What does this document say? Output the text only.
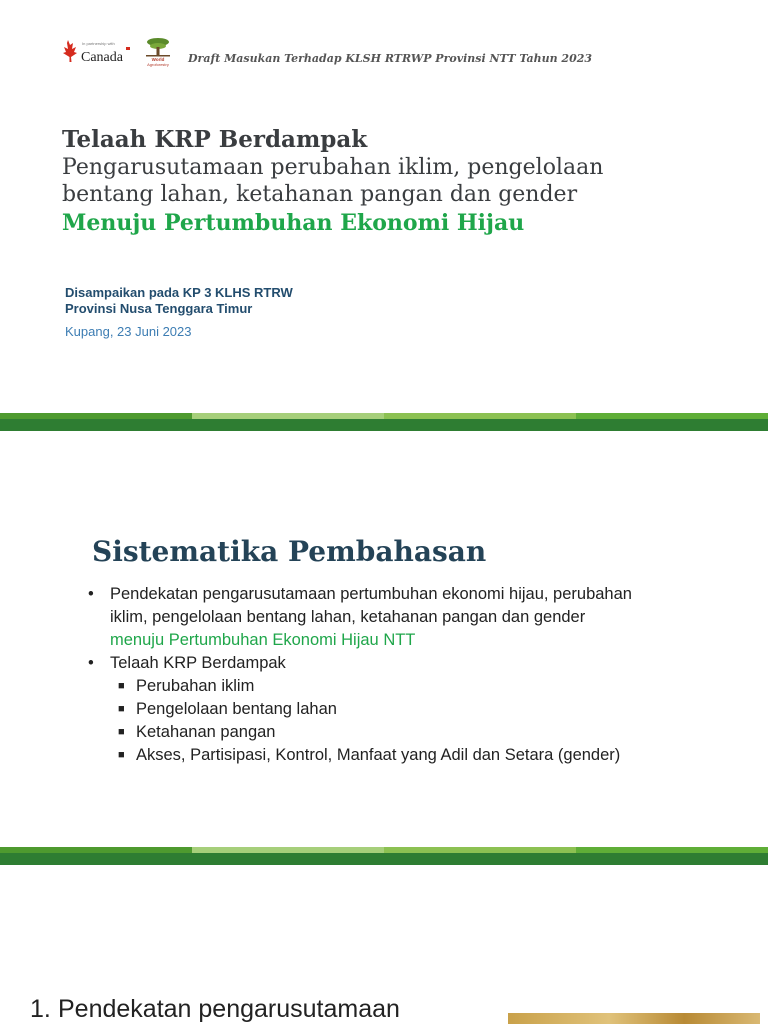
In partnership with
Canada	World
Agroforestry Draft Masukan Terhadap KLSH RTRWP Provinsi NTT Tahun 2023
Telaah KRP Berdampak
Pengarusutamaan perubahan iklim, pengelolaan
bentang lahan, ketahanan pangan dan gender
Menuju Pertumbuhan Ekonomi Hijau
Disampaikan pada KP 3 KLHS RTRW
Provinsi Nusa Tenggara Timur
Kupang, 23 Juni 2023
Sistematika Pembahasan
• Pendekatan pengarusutamaan pertumbuhan ekonomi hijau, perubahan
iklim, pengelolaan bentang lahan, ketahanan pangan dan gender
menuju Pertumbuhan Ekonomi Hijau NTT
• Telaah KRP Berdampak
■ Perubahan iklim
■ Pengelolaan bentang lahan
■ Ketahanan pangan
■ Akses, Partisipasi, Kontrol, Manfaat yang Adil dan Setara (gender)
1. Pendekatan pengarusutamaan
